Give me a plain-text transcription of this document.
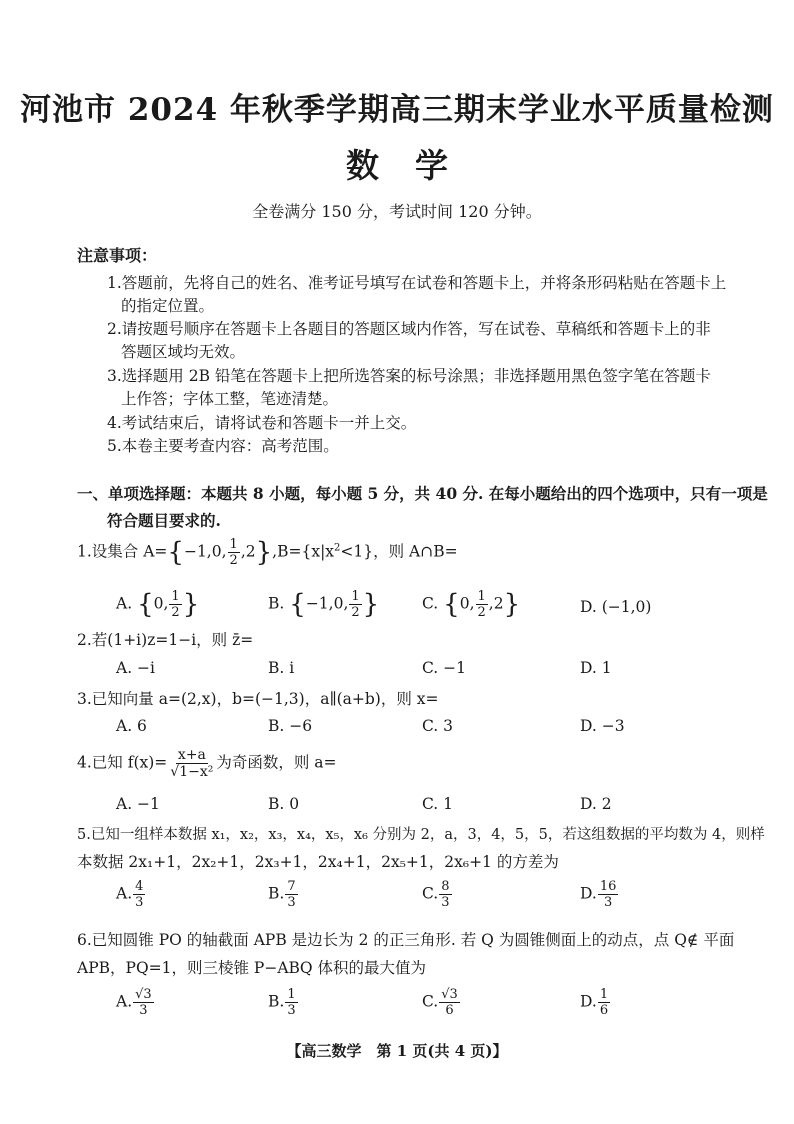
河池市 2024 年秋季学期高三期末学业水平质量检测
数学
全卷满分 150 分，考试时间 120 分钟。
注意事项：
1.答题前，先将自己的姓名、准考证号填写在试卷和答题卡上，并将条形码粘贴在答题卡上
的指定位置。
2.请按题号顺序在答题卡上各题目的答题区域内作答，写在试卷、草稿纸和答题卡上的非
答题区域均无效。
3.选择题用 2B 铅笔在答题卡上把所选答案的标号涂黑；非选择题用黑色签字笔在答题卡
上作答；字体工整，笔迹清楚。
4.考试结束后，请将试卷和答题卡一并上交。
5.本卷主要考查内容：高考范围。
一、单项选择题：本题共 8 小题，每小题 5 分，共 40 分. 在每小题给出的四个选项中，只有一项是
符合题目要求的.
1.设集合 A={−1,0, $\frac{1}{2} ,2\},B=\{x|x^2<1\}$，则 A∩B=
A. {0, $\frac{1}{2}$ }	B. {−1,0, $\frac{1}{2}$ }	C. {0, $\frac{1}{2} ,2$}	D. (−1,0)
2.若(1+i)z=1−i，则 z̄=
A. −i	B. i	C. −1	D. 1
3.已知向量 a=(2,x)，b=(−1,3)，a∥(a+b)，则 x=
A. 6	B. −6	C. 3	D. −3
4.已知 $f(x)= \frac{x+a}{\text{√1−x²}}$ 为奇函数，则 a=
A. −1	B. 0	C. 1	D. 2
5.已知一组样本数据 x₁，x₂，x₃，x₄，x₅，x₆ 分别为 2，a，3，4，5，5，若这组数据的平均数为 4，则样
本数据 2x₁+1，2x₂+1，2x₃+1，2x₄+1，2x₅+1，2x₆+1 的方差为
A. $\frac{4}{3}$	B. $\frac{7}{3}$	C. $\frac{8}{3}$	D. $\frac{16}{3}$
6.已知圆锥 PO 的轴截面 APB 是边长为 2 的正三角形. 若 Q 为圆锥侧面上的动点，点 Q∉ 平面
APB，PQ=1，则三棱锥 P−ABQ 体积的最大值为
A. $\frac{√3}{3}$	B. $\frac{1}{3}$	C. $\frac{√3}{6}$	D. $\frac{1}{6}$
【高三数学　第 1 页(共 4 页)】
